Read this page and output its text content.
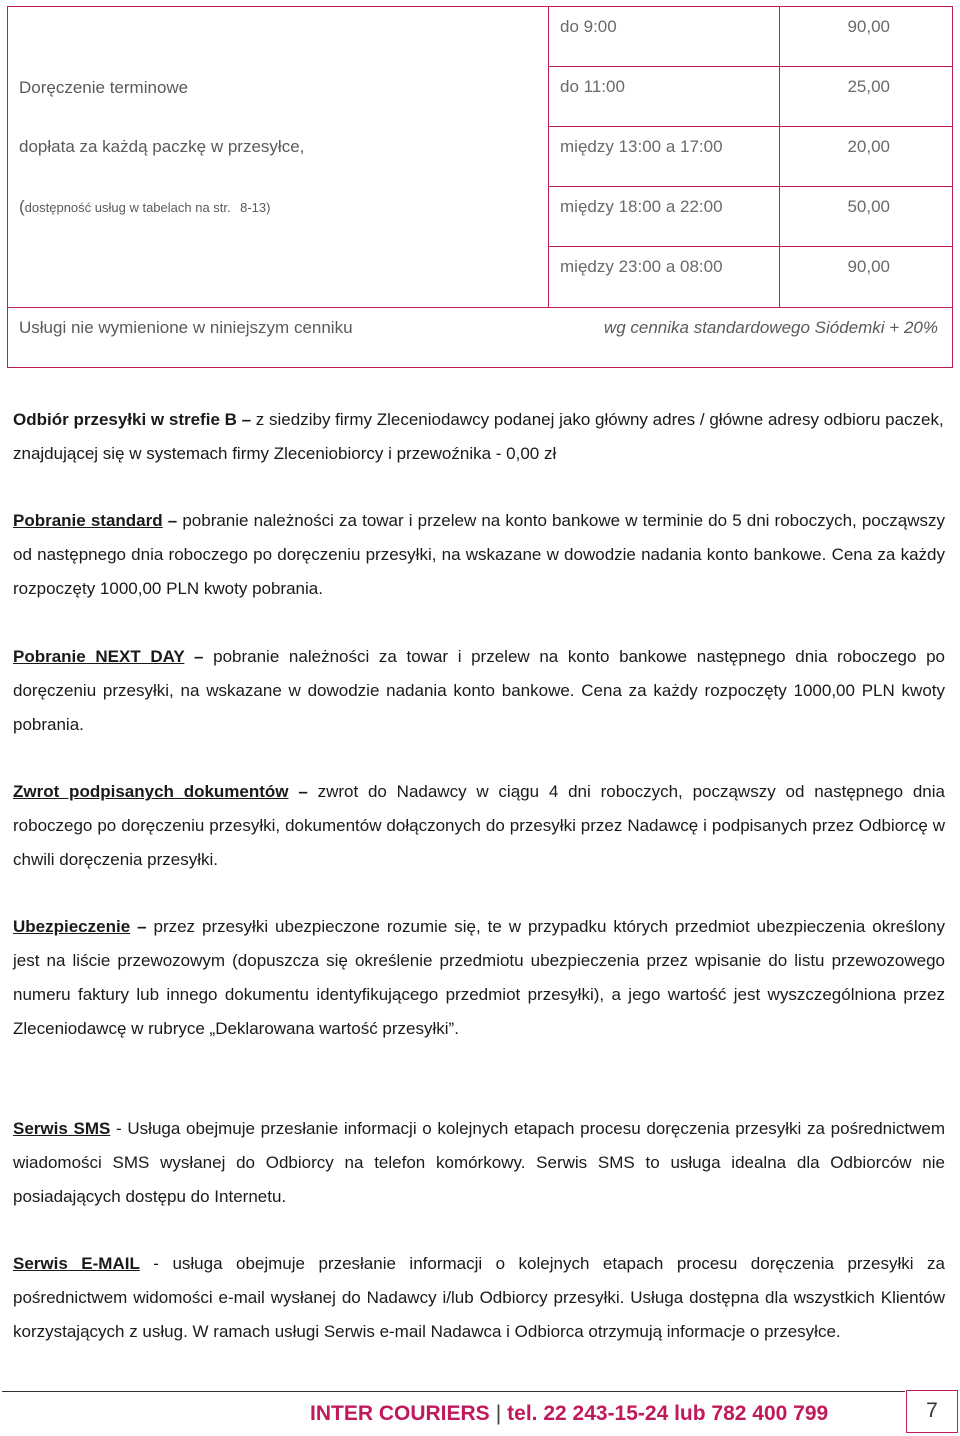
Doręczenie terminowe
dopłata za każdą paczkę w przesyłce,
(dostępność usług w tabelach na str. 8-13)
do 9:00	90,00
do 11:00	25,00
między 13:00 a 17:00	20,00
między 18:00 a 22:00	50,00
między 23:00 a 08:00	90,00
Usługi nie wymienione w niniejszym cenniku	wg cennika standardowego Siódemki + 20%
Odbiór przesyłki w strefie B – z siedziby firmy Zleceniodawcy podanej jako główny adres / główne adresy odbioru paczek, znajdującej się w systemach firmy Zleceniobiorcy i przewoźnika - 0,00 zł
Pobranie standard – pobranie należności za towar i przelew na konto bankowe w terminie do 5 dni roboczych, począwszy od następnego dnia roboczego po doręczeniu przesyłki, na wskazane w dowodzie nadania konto bankowe. Cena za każdy rozpoczęty 1000,00 PLN kwoty pobrania.
Pobranie NEXT DAY – pobranie należności za towar i przelew na konto bankowe następnego dnia roboczego po doręczeniu przesyłki, na wskazane w dowodzie nadania konto bankowe. Cena za każdy rozpoczęty 1000,00 PLN kwoty pobrania.
Zwrot podpisanych dokumentów – zwrot do Nadawcy w ciągu 4 dni roboczych, począwszy od następnego dnia roboczego po doręczeniu przesyłki, dokumentów dołączonych do przesyłki przez Nadawcę i podpisanych przez Odbiorcę w chwili doręczenia przesyłki.
Ubezpieczenie – przez przesyłki ubezpieczone rozumie się, te w przypadku których przedmiot ubezpieczenia określony jest na liście przewozowym (dopuszcza się określenie przedmiotu ubezpieczenia przez wpisanie do listu przewozowego numeru faktury lub innego dokumentu identyfikującego przedmiot przesyłki), a jego wartość jest wyszczególniona przez Zleceniodawcę w rubryce „Deklarowana wartość przesyłki”.
Serwis SMS - Usługa obejmuje przesłanie informacji o kolejnych etapach procesu doręczenia przesyłki za pośrednictwem wiadomości SMS wysłanej do Odbiorcy na telefon komórkowy. Serwis SMS to usługa idealna dla Odbiorców nie posiadających dostępu do Internetu.
Serwis E-MAIL - usługa obejmuje przesłanie informacji o kolejnych etapach procesu doręczenia przesyłki za pośrednictwem widomości e-mail wysłanej do Nadawcy i/lub Odbiorcy przesyłki. Usługa dostępna dla wszystkich Klientów korzystających z usług. W ramach usługi Serwis e-mail Nadawca i Odbiorca otrzymują informacje o przesyłce.
INTER COURIERS | tel. 22 243-15-24 lub 782 400 799	7
